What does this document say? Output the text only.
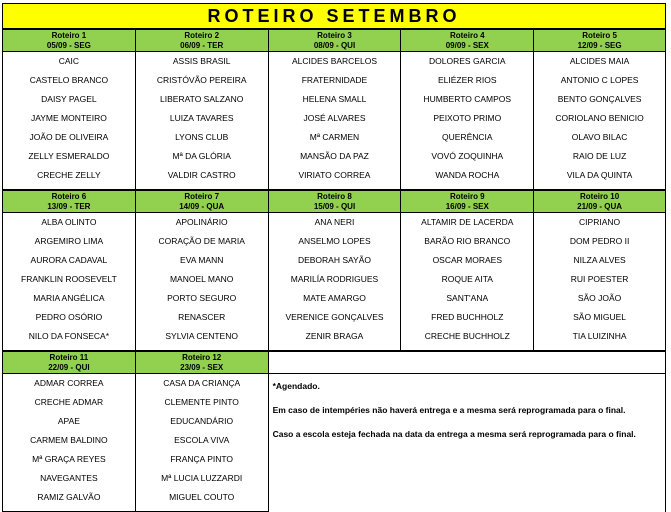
ROTEIRO SETEMBRO
Roteiro 1
05/09 - SEG
CAIC
CASTELO BRANCO
DAISY PAGEL
JAYME MONTEIRO
JOÃO DE OLIVEIRA
ZELLY ESMERALDO
CRECHE ZELLY
Roteiro 2
06/09 - TER
ASSIS BRASIL
CRISTÓVÃO PEREIRA
LIBERATO SALZANO
LUIZA TAVARES
LYONS CLUB
Mª DA GLÓRIA
VALDIR CASTRO
Roteiro 3
08/09 - QUI
ALCIDES BARCELOS
FRATERNIDADE
HELENA SMALL
JOSÉ ALVARES
Mª CARMEN
MANSÃO DA PAZ
VIRIATO CORREA
Roteiro 4
09/09 - SEX
DOLORES GARCIA
ELIÉZER RIOS
HUMBERTO CAMPOS
PEIXOTO PRIMO
QUERÊNCIA
VOVÓ ZOQUINHA
WANDA ROCHA
Roteiro 5
12/09 - SEG
ALCIDES MAIA
ANTONIO C LOPES
BENTO GONÇALVES
CORIOLANO BENICIO
OLAVO BILAC
RAIO DE LUZ
VILA DA QUINTA
Roteiro 6
13/09 - TER
ALBA OLINTO
ARGEMIRO LIMA
AURORA CADAVAL
FRANKLIN ROOSEVELT
MARIA ANGÉLICA
PEDRO OSÓRIO
NILO DA FONSECA*
Roteiro 7
14/09 - QUA
APOLINÁRIO
CORAÇÃO DE MARIA
EVA MANN
MANOEL MANO
PORTO SEGURO
RENASCER
SYLVIA CENTENO
Roteiro 8
15/09 - QUI
ANA NERI
ANSELMO LOPES
DEBORAH SAYÃO
MARILÍA RODRIGUES
MATE AMARGO
VERENICE GONÇALVES
ZENIR BRAGA
Roteiro 9
16/09 - SEX
ALTAMIR DE LACERDA
BARÃO RIO BRANCO
OSCAR MORAES
ROQUE AITA
SANT'ANA
FRED BUCHHOLZ
CRECHE BUCHHOLZ
Roteiro 10
21/09 - QUA
CIPRIANO
DOM PEDRO II
NILZA ALVES
RUI POESTER
SÃO JOÃO
SÃO MIGUEL
TIA LUIZINHA
Roteiro 11
22/09 - QUI
ADMAR CORREA
CRECHE ADMAR
APAE
CARMEM BALDINO
Mª GRAÇA REYES
NAVEGANTES
RAMIZ GALVÃO
Roteiro 12
23/09 - SEX
CASA DA CRIANÇA
CLEMENTE PINTO
EDUCANDÁRIO
ESCOLA VIVA
FRANÇA PINTO
Mª LUCIA LUZZARDI
MIGUEL COUTO

*Agendado.

Em caso de intempéries não haverá entrega e a mesma será reprogramada para o final.

Caso a escola esteja fechada na data da entrega a mesma será reprogramada para o final.
